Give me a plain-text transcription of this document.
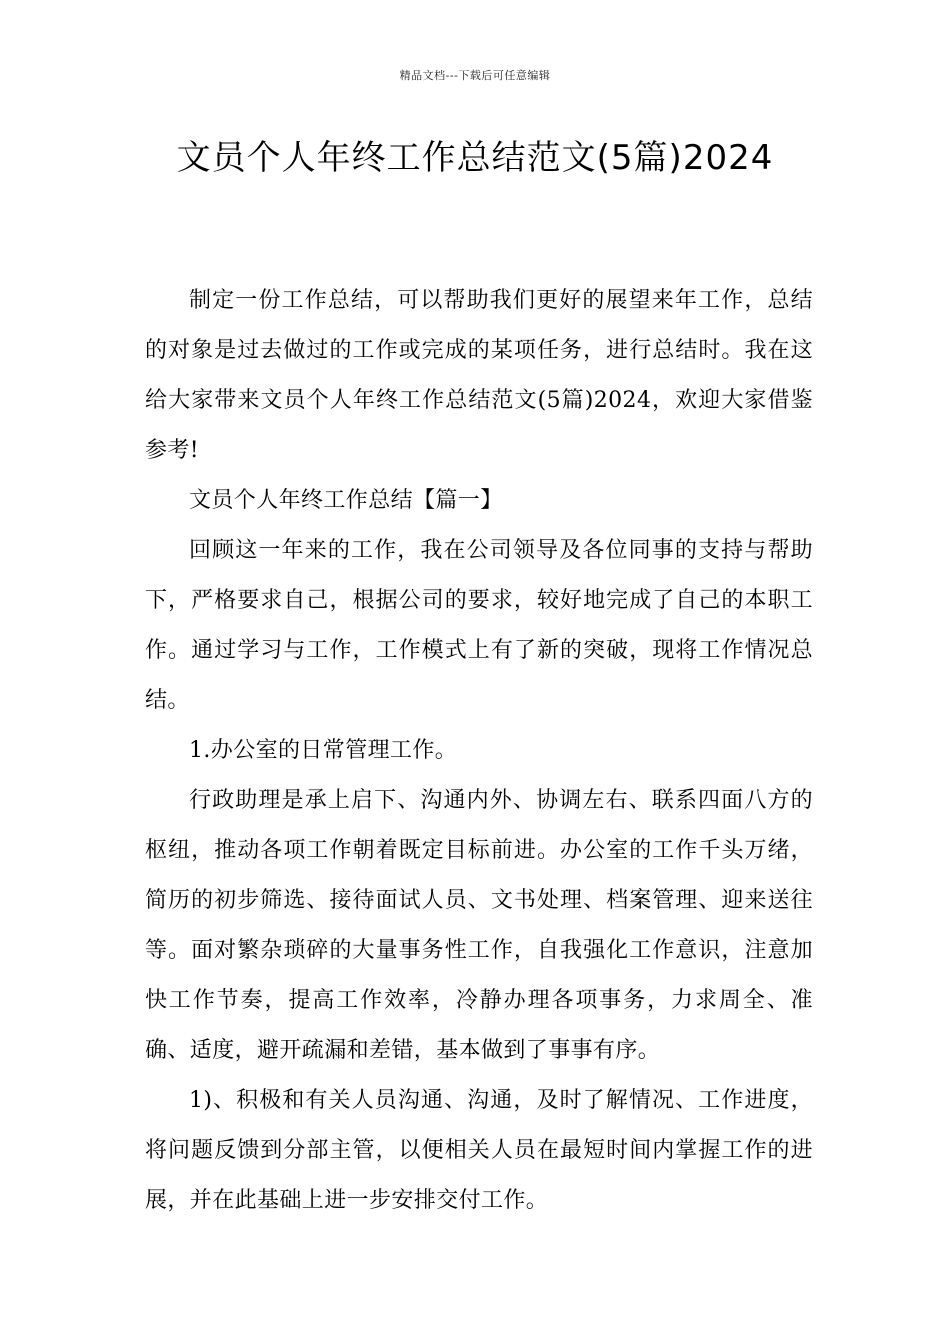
精品文档---下载后可任意编辑
文员个人年终工作总结范文(5篇)2024

制定一份工作总结，可以帮助我们更好的展望来年工作，总结的对象是过去做过的工作或完成的某项任务，进行总结时。我在这给大家带来文员个人年终工作总结范文(5篇)2024，欢迎大家借鉴参考!

文员个人年终工作总结【篇一】

回顾这一年来的工作，我在公司领导及各位同事的支持与帮助下，严格要求自己，根据公司的要求，较好地完成了自己的本职工作。通过学习与工作，工作模式上有了新的突破，现将工作情况总结。

1.办公室的日常管理工作。

行政助理是承上启下、沟通内外、协调左右、联系四面八方的枢纽，推动各项工作朝着既定目标前进。办公室的工作千头万绪，简历的初步筛选、接待面试人员、文书处理、档案管理、迎来送往等。面对繁杂琐碎的大量事务性工作，自我强化工作意识，注意加快工作节奏，提高工作效率，冷静办理各项事务，力求周全、准确、适度，避开疏漏和差错，基本做到了事事有序。

1)、积极和有关人员沟通、沟通，及时了解情况、工作进度，将问题反馈到分部主管，以便相关人员在最短时间内掌握工作的进展，并在此基础上进一步安排交付工作。
